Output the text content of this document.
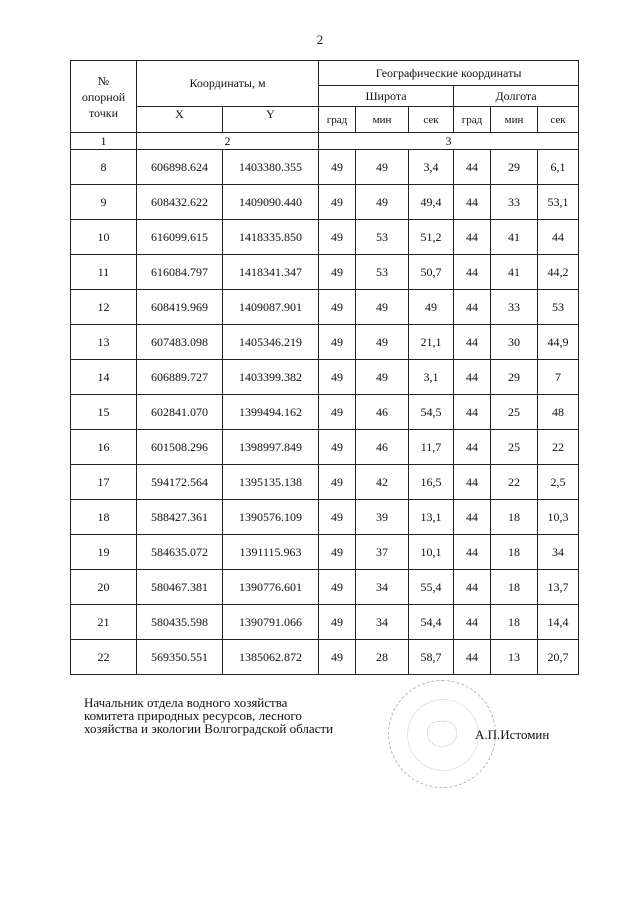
2
№ опорной точки	Координаты, м		Географические координаты					
			Широта			Долгота		
	X	Y	град	мин	сек	град	мин	сек
1	2		3					
8	606898.624	1403380.355	49	49	3,4	44	29	6,1
9	608432.622	1409090.440	49	49	49,4	44	33	53,1
10	616099.615	1418335.850	49	53	51,2	44	41	44
11	616084.797	1418341.347	49	53	50,7	44	41	44,2
12	608419.969	1409087.901	49	49	49	44	33	53
13	607483.098	1405346.219	49	49	21,1	44	30	44,9
14	606889.727	1403399.382	49	49	3,1	44	29	7
15	602841.070	1399494.162	49	46	54,5	44	25	48
16	601508.296	1398997.849	49	46	11,7	44	25	22
17	594172.564	1395135.138	49	42	16,5	44	22	2,5
18	588427.361	1390576.109	49	39	13,1	44	18	10,3
19	584635.072	1391115.963	49	37	10,1	44	18	34
20	580467.381	1390776.601	49	34	55,4	44	18	13,7
21	580435.598	1390791.066	49	34	54,4	44	18	14,4
22	569350.551	1385062.872	49	28	58,7	44	13	20,7
Начальник отдела водного хозяйства
комитета природных ресурсов, лесного
хозяйства и экологии Волгоградской области	А.П.Истомин
